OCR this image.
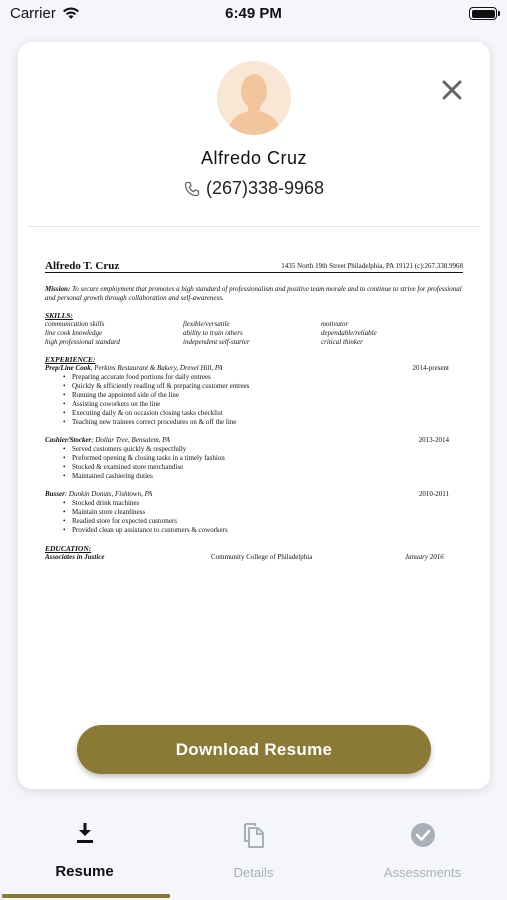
Carrier	6:49 PM
Alfredo Cruz
(267)338-9968
Alfredo T. Cruz	1435 North 19th Street Philadelphia, PA 19121 (c):267.338.9968
Mission: To secure employment that promotes a high standard of professionalism and positive team morale and to continue to strive for professional and personal growth through collaboration and self-awareness.
SKILLS:
communication skills	flexible/versatile	motivator
line cook knowledge	ability to train others	dependable/reliable
high professional standard	independent self-starter	critical thinker
EXPERIENCE:
Prep/Line Cook, Perkins Restaurant & Bakery, Drexel Hill, PA	2014-present
• Preparing accurate food portions for daily entrees
• Quickly & efficiently reading off & preparing customer entrees
• Running the appointed side of the line
• Assisting coworkers on the line
• Executing daily & on occasion closing tasks checklist
• Teaching new trainees correct procedures on & off the line
Cashier/Stocker; Dollar Tree, Bensalem, PA	2013-2014
• Served customers quickly & respectfully
• Preformed opening & closing tasks in a timely fashion
• Stocked & examined store merchandise
• Maintained cashiering duties
Busser: Dunkin Donuts, Fishtown, PA	2010-2011
• Stocked drink machines
• Maintain store cleanliness
• Readied store for expected customers
• Provided clean up assistance to customers & coworkers
EDUCATION:
Associates in Justice	Community College of Philadelphia	January 2016
Download Resume
Resume	Details	Assessments
